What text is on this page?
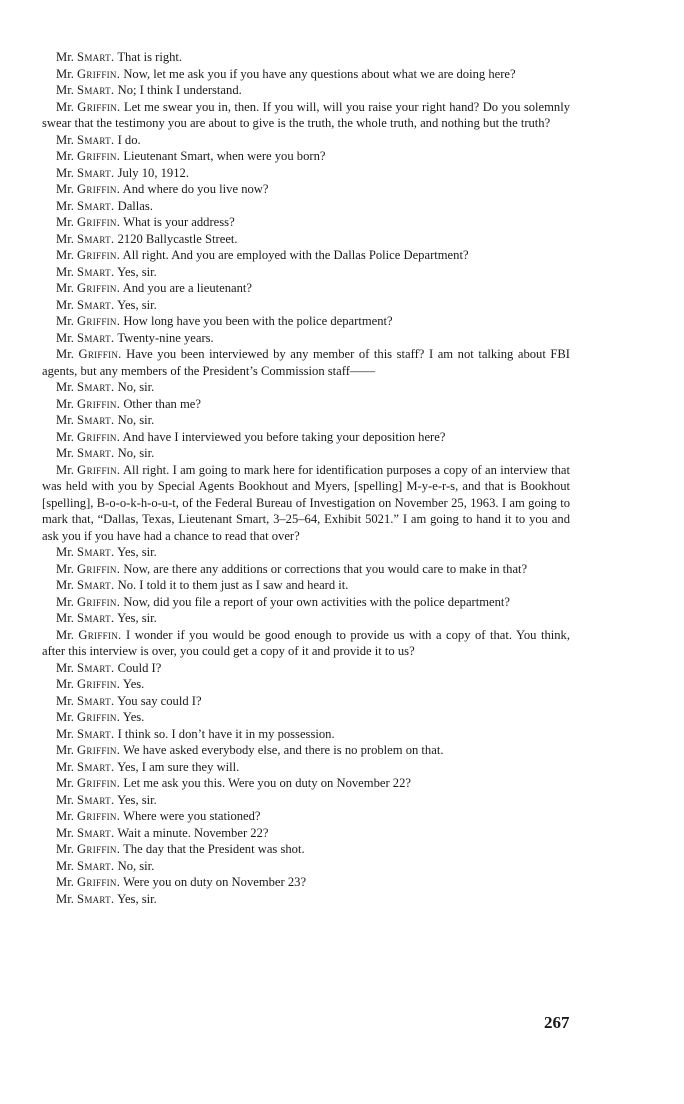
Mr. Smart. That is right.

Mr. Griffin. Now, let me ask you if you have any questions about what we are doing here?

Mr. Smart. No; I think I understand.

Mr. Griffin. Let me swear you in, then. If you will, will you raise your right hand? Do you solemnly swear that the testimony you are about to give is the truth, the whole truth, and nothing but the truth?

Mr. Smart. I do.

Mr. Griffin. Lieutenant Smart, when were you born?

Mr. Smart. July 10, 1912.

Mr. Griffin. And where do you live now?

Mr. Smart. Dallas.

Mr. Griffin. What is your address?

Mr. Smart. 2120 Ballycastle Street.

Mr. Griffin. All right. And you are employed with the Dallas Police Department?

Mr. Smart. Yes, sir.

Mr. Griffin. And you are a lieutenant?

Mr. Smart. Yes, sir.

Mr. Griffin. How long have you been with the police department?

Mr. Smart. Twenty-nine years.

Mr. Griffin. Have you been interviewed by any member of this staff? I am not talking about FBI agents, but any members of the President’s Commission staff——

Mr. Smart. No, sir.

Mr. Griffin. Other than me?

Mr. Smart. No, sir.

Mr. Griffin. And have I interviewed you before taking your deposition here?

Mr. Smart. No, sir.

Mr. Griffin. All right. I am going to mark here for identification purposes a copy of an interview that was held with you by Special Agents Bookhout and Myers, [spelling] M-y-e-r-s, and that is Bookhout [spelling], B-o-o-k-h-o-u-t, of the Federal Bureau of Investigation on November 25, 1963. I am going to mark that, “Dallas, Texas, Lieutenant Smart, 3–25–64, Exhibit 5021.” I am going to hand it to you and ask you if you have had a chance to read that over?

Mr. Smart. Yes, sir.

Mr. Griffin. Now, are there any additions or corrections that you would care to make in that?

Mr. Smart. No. I told it to them just as I saw and heard it.

Mr. Griffin. Now, did you file a report of your own activities with the police department?

Mr. Smart. Yes, sir.

Mr. Griffin. I wonder if you would be good enough to provide us with a copy of that. You think, after this interview is over, you could get a copy of it and provide it to us?

Mr. Smart. Could I?

Mr. Griffin. Yes.

Mr. Smart. You say could I?

Mr. Griffin. Yes.

Mr. Smart. I think so. I don’t have it in my possession.

Mr. Griffin. We have asked everybody else, and there is no problem on that.

Mr. Smart. Yes, I am sure they will.

Mr. Griffin. Let me ask you this. Were you on duty on November 22?

Mr. Smart. Yes, sir.

Mr. Griffin. Where were you stationed?

Mr. Smart. Wait a minute. November 22?

Mr. Griffin. The day that the President was shot.

Mr. Smart. No, sir.

Mr. Griffin. Were you on duty on November 23?

Mr. Smart. Yes, sir.

267
